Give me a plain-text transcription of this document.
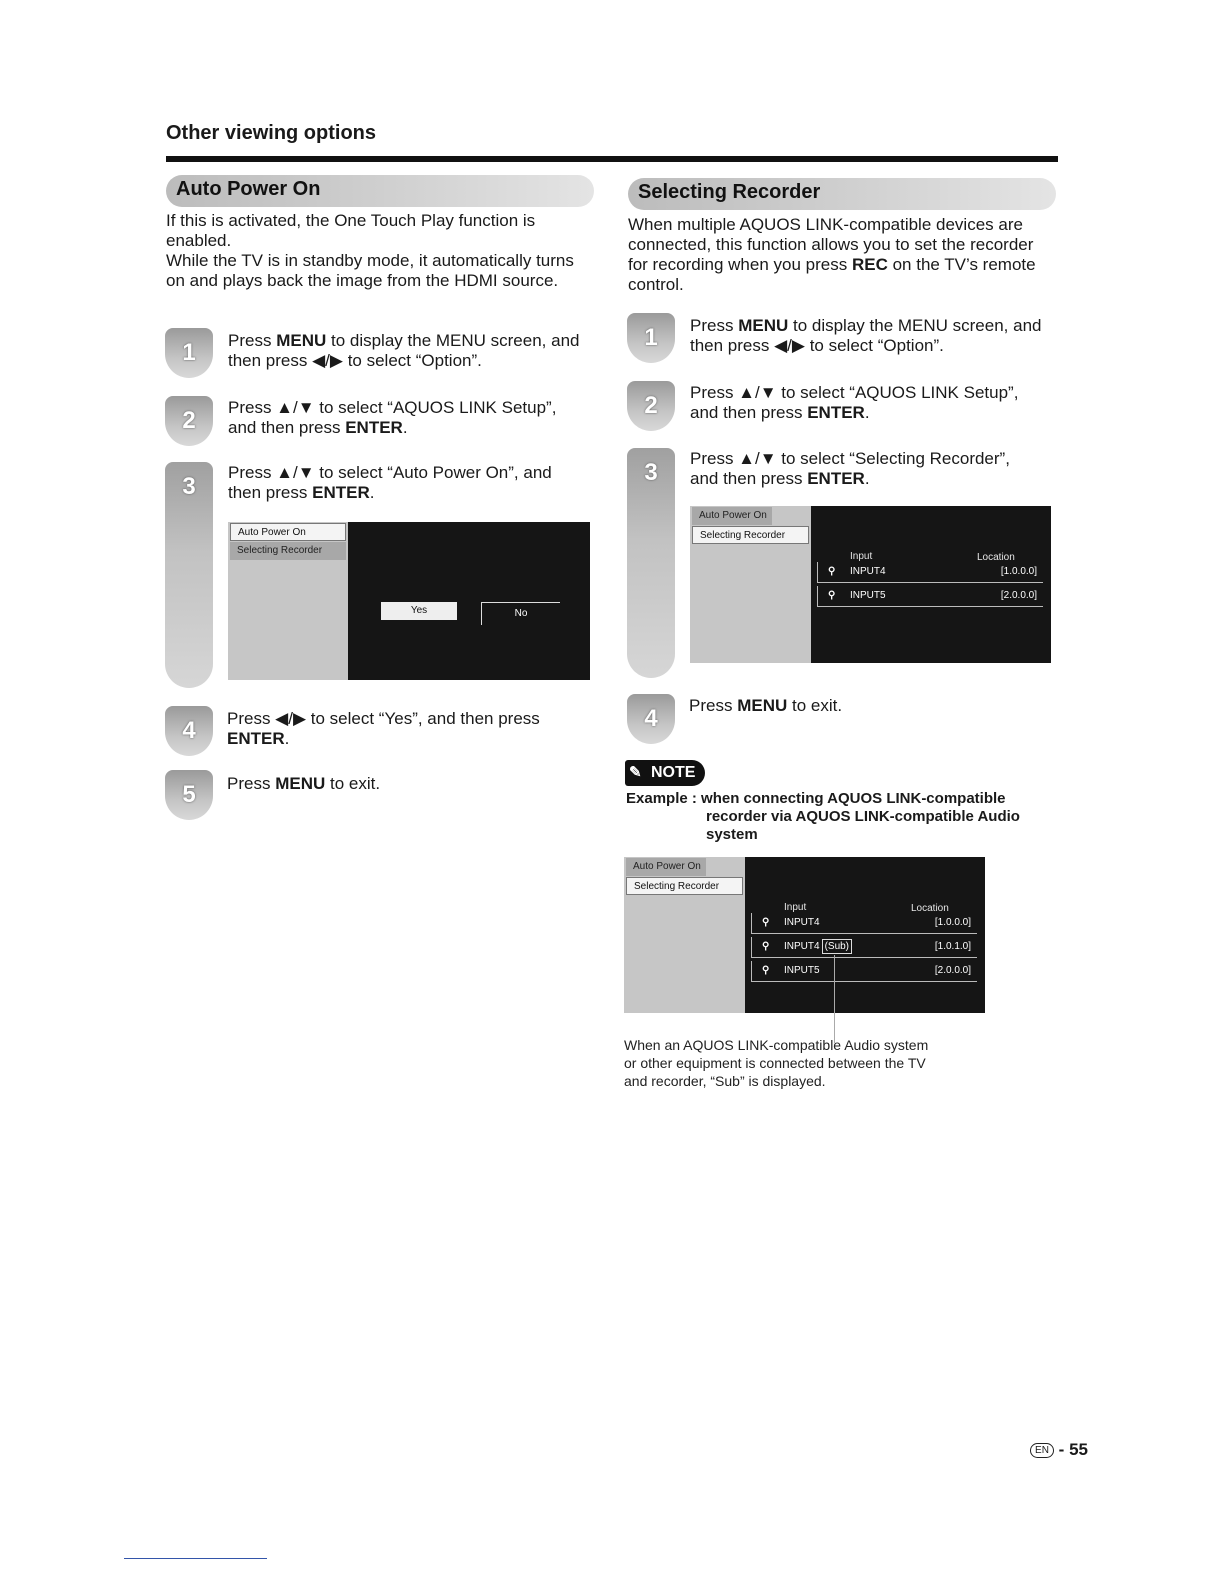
Other viewing options
Auto Power On
If this is activated, the One Touch Play function is
enabled.
While the TV is in standby mode, it automatically turns
on and plays back the image from the HDMI source.
1	Press MENU to display the MENU screen, and
then press ◀/▶ to select “Option”.
2	Press ▲/▼ to select “AQUOS LINK Setup”,
and then press ENTER.
3
Press ▲/▼ to select “Auto Power On”, and
then press ENTER.
Auto Power On
Selecting Recorder
Yes	No
4	Press ◀/▶ to select “Yes”, and then press
ENTER.
5	Press MENU to exit.
Selecting Recorder
When multiple AQUOS LINK-compatible devices are
connected, this function allows you to set the recorder
for recording when you press REC on the TV’s remote
control.
1	Press MENU to display the MENU screen, and
then press ◀/▶ to select “Option”.
2	Press ▲/▼ to select “AQUOS LINK Setup”,
and then press ENTER.
3
Press ▲/▼ to select “Selecting Recorder”,
and then press ENTER.
Auto Power On
Selecting Recorder
Input	Location
⚲ INPUT4	[1.0.0.0]
⚲ INPUT5	[2.0.0.0]
4	Press MENU to exit.
✎ NOTE
Example : when connecting AQUOS LINK-compatible
recorder via AQUOS LINK-compatible Audio
system
Auto Power On
Selecting Recorder
Input	Location
⚲ INPUT4	[1.0.0.0]
⚲ INPUT4 (Sub)	[1.0.1.0]
⚲ INPUT5	[2.0.0.0]
When an AQUOS LINK-compatible Audio system
or other equipment is connected between the TV
and recorder, “Sub” is displayed.
EN - 55
